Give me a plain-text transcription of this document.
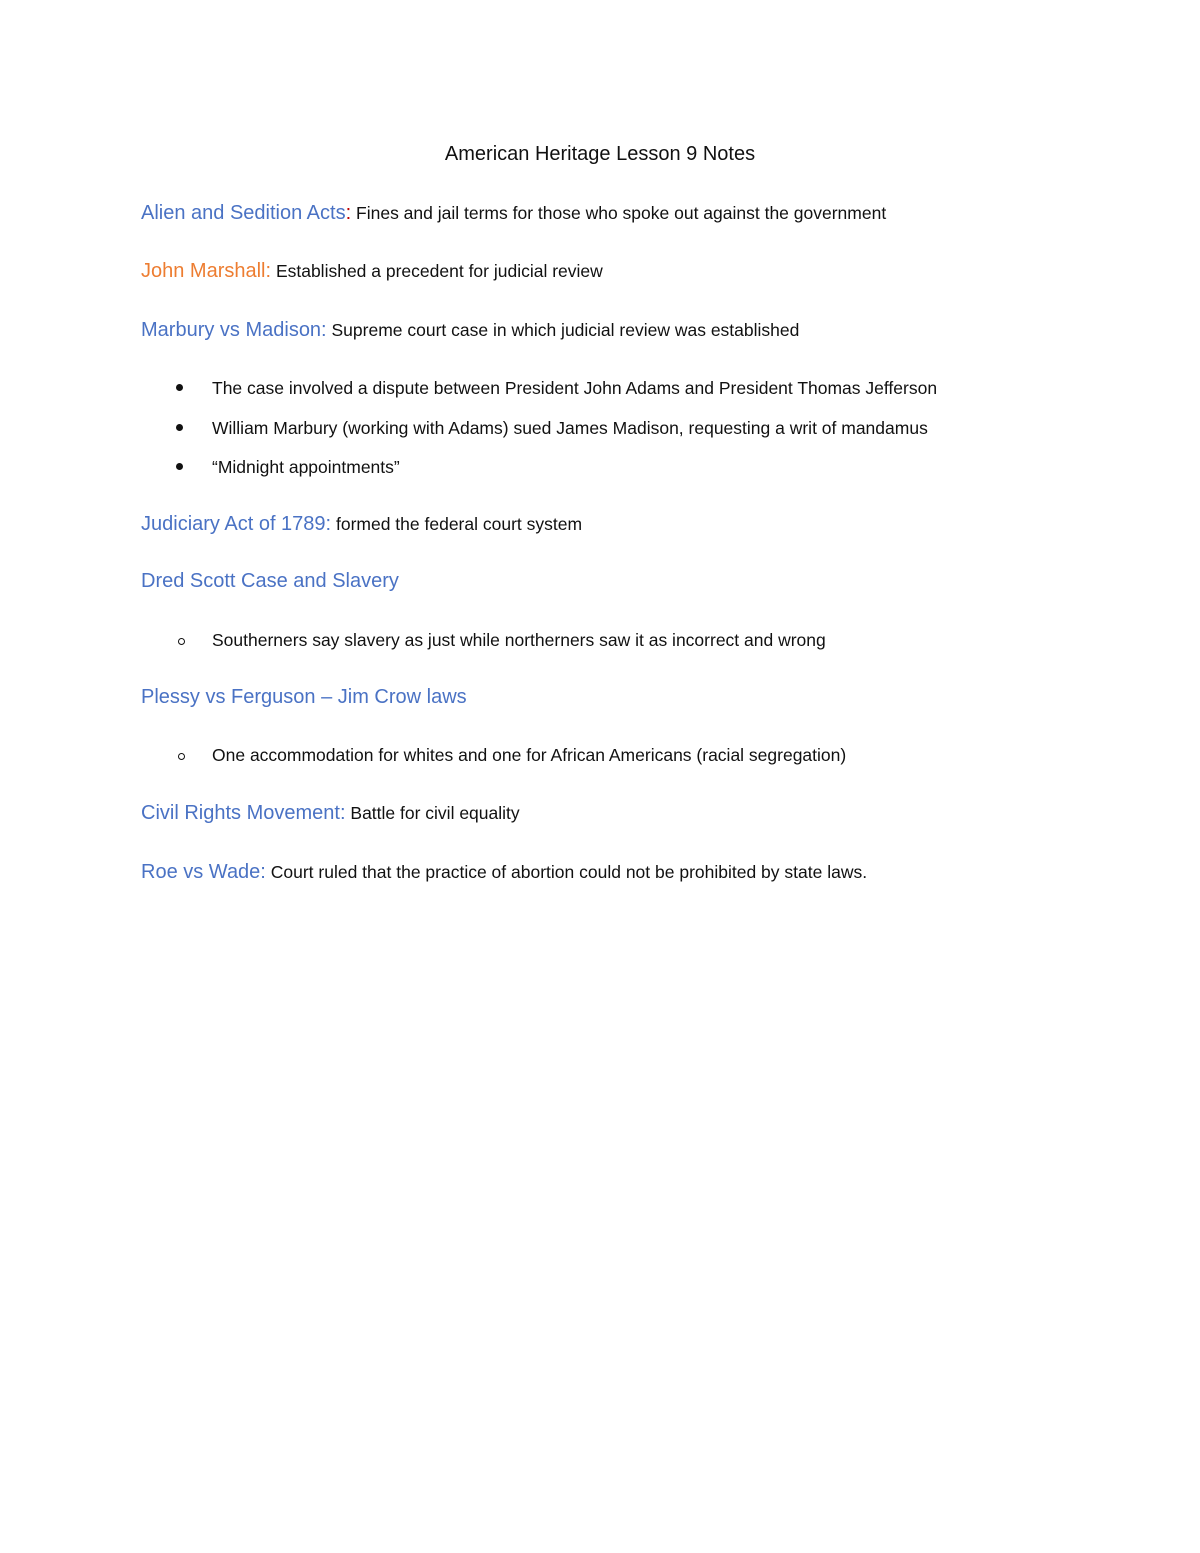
American Heritage Lesson 9 Notes
Alien and Sedition Acts: Fines and jail terms for those who spoke out against the government
John Marshall: Established a precedent for judicial review
Marbury vs Madison: Supreme court case in which judicial review was established
The case involved a dispute between President John Adams and President Thomas Jefferson
William Marbury (working with Adams) sued James Madison, requesting a writ of mandamus
“Midnight appointments”
Judiciary Act of 1789: formed the federal court system
Dred Scott Case and Slavery
Southerners say slavery as just while northerners saw it as incorrect and wrong
Plessy vs Ferguson – Jim Crow laws
One accommodation for whites and one for African Americans (racial segregation)
Civil Rights Movement: Battle for civil equality
Roe vs Wade: Court ruled that the practice of abortion could not be prohibited by state laws.
